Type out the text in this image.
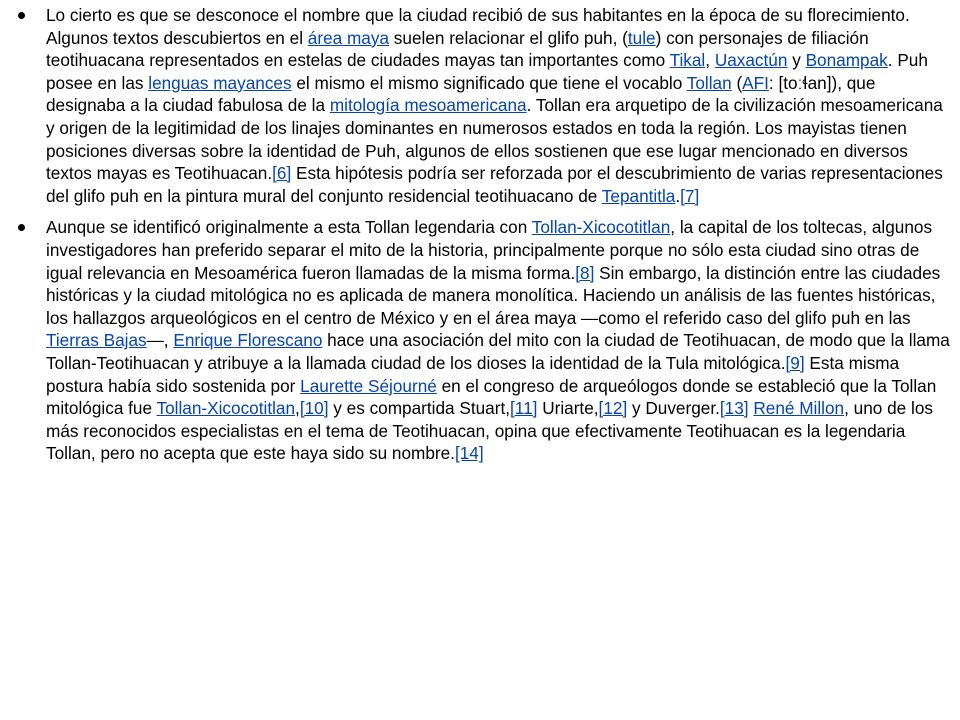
Lo cierto es que se desconoce el nombre que la ciudad recibió de sus habitantes en la época de su florecimiento. Algunos textos descubiertos en el área maya suelen relacionar el glifo puh, (tule) con personajes de filiación teotihuacana representados en estelas de ciudades mayas tan importantes como Tikal, Uaxactún y Bonampak. Puh posee en las lenguas mayances el mismo el mismo significado que tiene el vocablo Tollan (AFI: [toːɬan]), que designaba a la ciudad fabulosa de la mitología mesoamericana. Tollan era arquetipo de la civilización mesoamericana y origen de la legitimidad de los linajes dominantes en numerosos estados en toda la región. Los mayistas tienen posiciones diversas sobre la identidad de Puh, algunos de ellos sostienen que ese lugar mencionado en diversos textos mayas es Teotihuacan.[6] Esta hipótesis podría ser reforzada por el descubrimiento de varias representaciones del glifo puh en la pintura mural del conjunto residencial teotihuacano de Tepantitla.[7]
Aunque se identificó originalmente a esta Tollan legendaria con Tollan-Xicocotitlan, la capital de los toltecas, algunos investigadores han preferido separar el mito de la historia, principalmente porque no sólo esta ciudad sino otras de igual relevancia en Mesoamérica fueron llamadas de la misma forma.[8] Sin embargo, la distinción entre las ciudades históricas y la ciudad mitológica no es aplicada de manera monolítica. Haciendo un análisis de las fuentes históricas, los hallazgos arqueológicos en el centro de México y en el área maya —como el referido caso del glifo puh en las Tierras Bajas—, Enrique Florescano hace una asociación del mito con la ciudad de Teotihuacan, de modo que la llama Tollan-Teotihuacan y atribuye a la llamada ciudad de los dioses la identidad de la Tula mitológica.[9] Esta misma postura había sido sostenida por Laurette Séjourné en el congreso de arqueólogos donde se estableció que la Tollan mitológica fue Tollan-Xicocotitlan,[10] y es compartida Stuart,[11] Uriarte,[12] y Duverger.[13] René Millon, uno de los más reconocidos especialistas en el tema de Teotihuacan, opina que efectivamente Teotihuacan es la legendaria Tollan, pero no acepta que este haya sido su nombre.[14]
